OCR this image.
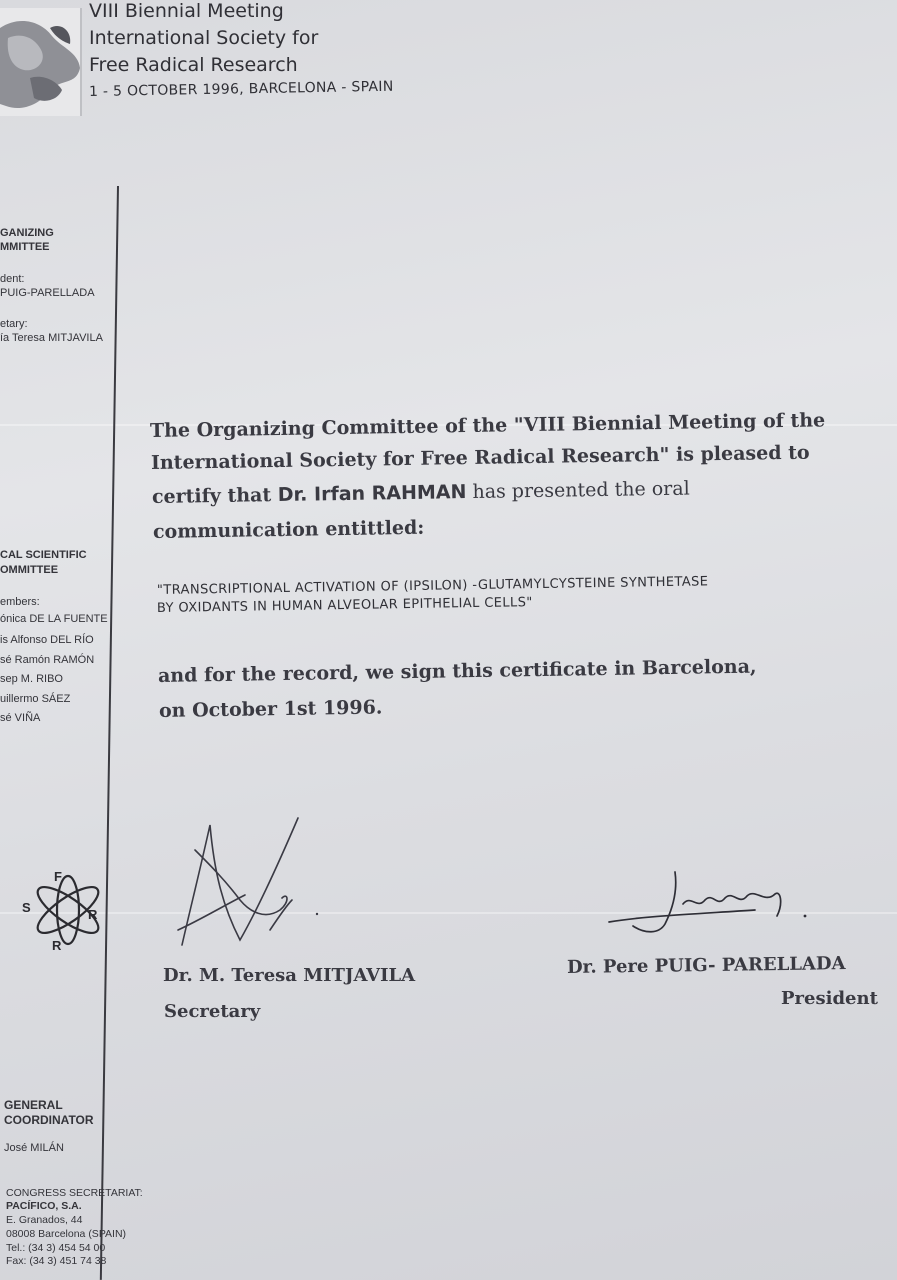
VIII Biennial Meeting
International Society for
Free Radical Research
1 - 5 OCTOBER 1996, BARCELONA - SPAIN
GANIZING
MMITTEE
dent:
PUIG-PARELLADA
etary:
ía Teresa MITJAVILA
CAL SCIENTIFIC
OMMITTEE
embers:
ónica DE LA FUENTE
is Alfonso DEL RÍO
sé Ramón RAMÓN
sep M. RIBO
uillermo SÁEZ
sé VIÑA
S
F
R
R
GENERAL
COORDINATOR
José MILÁN
CONGRESS SECRETARIAT:
PACÍFICO, S.A.
E. Granados, 44
08008 Barcelona (SPAIN)
Tel.: (34 3) 454 54 00
Fax: (34 3) 451 74 38
The Organizing Committee of the "VIII Biennial Meeting of the
International Society for Free Radical Research" is pleased to
certify that Dr. Irfan RAHMAN has presented the oral
communication entittled:
"TRANSCRIPTIONAL ACTIVATION OF (IPSILON) -GLUTAMYLCYSTEINE SYNTHETASE
BY OXIDANTS IN HUMAN ALVEOLAR EPITHELIAL CELLS"
and for the record, we sign this certificate in Barcelona,
on October 1st 1996.
Dr. M. Teresa MITJAVILA
Secretary
Dr. Pere PUIG- PARELLADA
President
